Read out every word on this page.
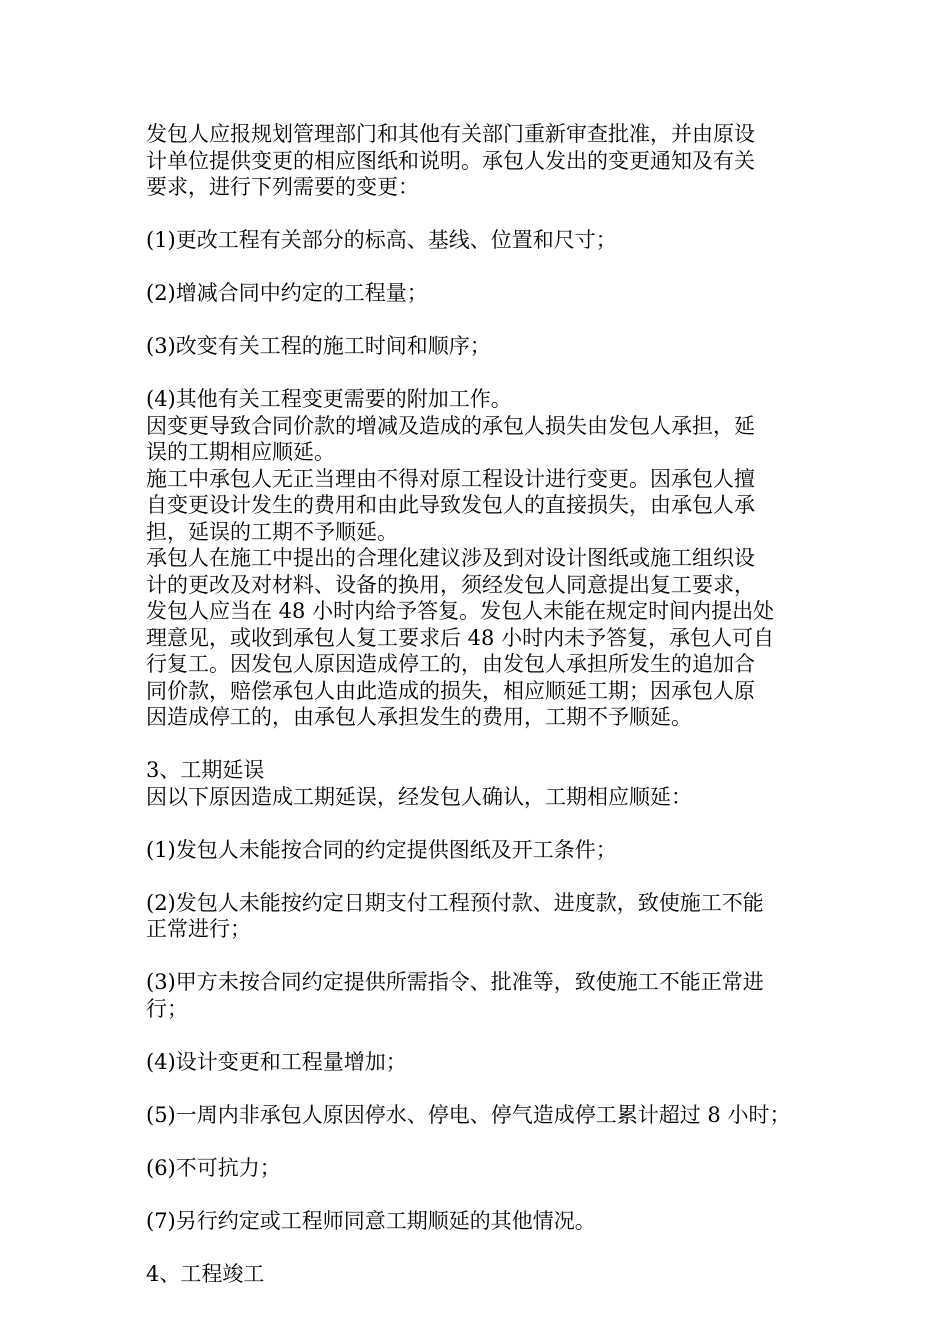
发包人应报规划管理部门和其他有关部门重新审查批准，并由原设
计单位提供变更的相应图纸和说明。承包人发出的变更通知及有关
要求，进行下列需要的变更：

(1)更改工程有关部分的标高、基线、位置和尺寸；

(2)增减合同中约定的工程量；

(3)改变有关工程的施工时间和顺序；

(4)其他有关工程变更需要的附加工作。

因变更导致合同价款的增减及造成的承包人损失由发包人承担，延
误的工期相应顺延。

施工中承包人无正当理由不得对原工程设计进行变更。因承包人擅
自变更设计发生的费用和由此导致发包人的直接损失，由承包人承
担，延误的工期不予顺延。

承包人在施工中提出的合理化建议涉及到对设计图纸或施工组织设
计的更改及对材料、设备的换用，须经发包人同意提出复工要求，
发包人应当在 48 小时内给予答复。发包人未能在规定时间内提出处
理意见，或收到承包人复工要求后 48 小时内未予答复，承包人可自
行复工。因发包人原因造成停工的，由发包人承担所发生的追加合
同价款，赔偿承包人由此造成的损失，相应顺延工期；因承包人原
因造成停工的，由承包人承担发生的费用，工期不予顺延。

3、工期延误

因以下原因造成工期延误，经发包人确认，工期相应顺延：

(1)发包人未能按合同的约定提供图纸及开工条件；

(2)发包人未能按约定日期支付工程预付款、进度款，致使施工不能
正常进行；

(3)甲方未按合同约定提供所需指令、批准等，致使施工不能正常进
行；

(4)设计变更和工程量增加；

(5)一周内非承包人原因停水、停电、停气造成停工累计超过 8 小时；

(6)不可抗力；

(7)另行约定或工程师同意工期顺延的其他情况。

4、工程竣工
